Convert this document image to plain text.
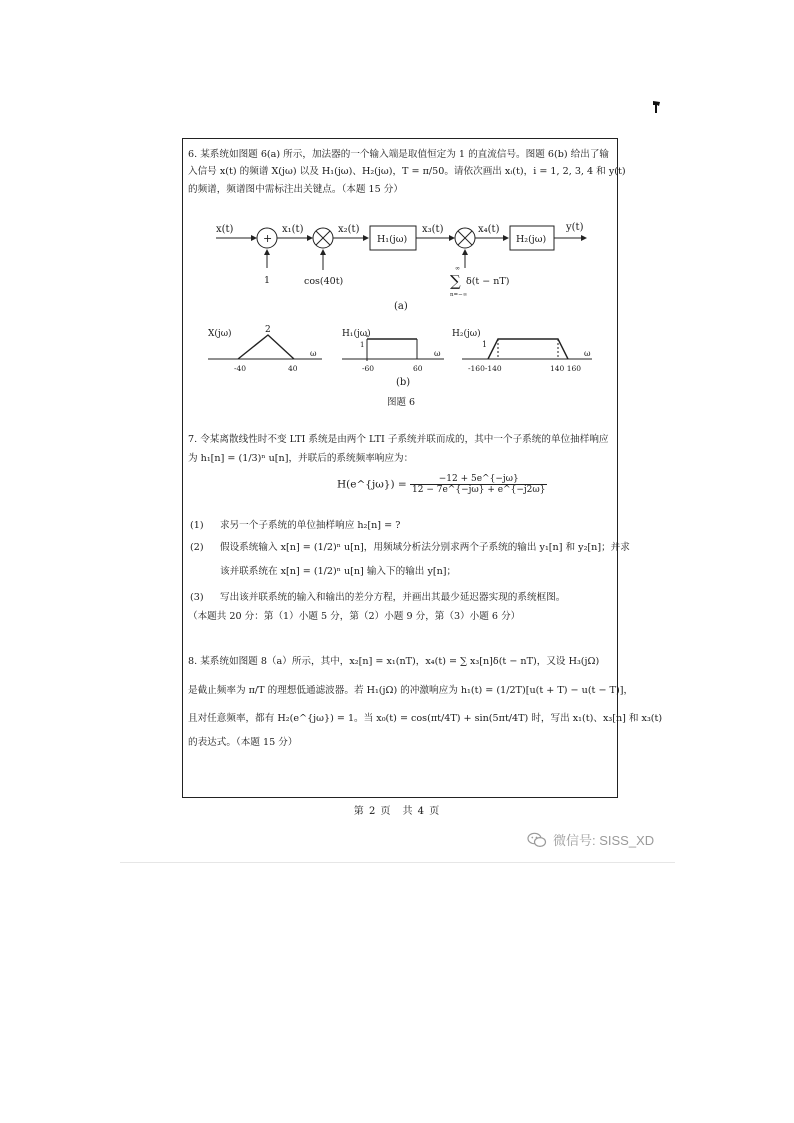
6. 某系统如图题 6(a) 所示，加法器的一个输入端是取值恒定为 1 的直流信号。图题 6(b) 给出了输
入信号 x(t) 的频谱 X(jω) 以及 H₁(jω)、H₂(jω)，T = π/50。请依次画出 xᵢ(t)，i = 1, 2, 3, 4 和 y(t)
的频谱，频谱图中需标注出关键点。（本题 15 分）
x(t)
+
1
x₁(t)
cos(40t)
x₂(t)
H₁(jω)
x₃(t)	x₄(t)
H₂(jω)
y(t)
∞
∑
n=−∞
δ(t − nT)
(a)
X(jω)	2
-40	40
ω
H₁(jω)
1
-60	60
ω
H₂(jω)
1
-160-140	140 160
ω
(b)
图题 6
7. 令某离散线性时不变 LTI 系统是由两个 LTI 子系统并联而成的，其中一个子系统的单位抽样响应
为 h₁[n] = (1/3)ⁿ u[n]，并联后的系统频率响应为：
H(e^{jω}) = $\frac{-12 + 5e\^{}\{-j\omega\}}{12 - 7e\^{}\{-j\omega\} + e\^{}\{-j2\omega\}}$
(1) 求另一个子系统的单位抽样响应 h₂[n] = ?
(2) 假设系统输入 x[n] = (1/2)ⁿ u[n]，用频域分析法分别求两个子系统的输出 y₁[n] 和 y₂[n]；并求
该并联系统在 x[n] = (1/2)ⁿ u[n] 输入下的输出 y[n]；
(3) 写出该并联系统的输入和输出的差分方程，并画出其最少延迟器实现的系统框图。
（本题共 20 分：第（1）小题 5 分，第（2）小题 9 分，第（3）小题 6 分）
8. 某系统如图题 8（a）所示，其中，x₂[n] = x₁(nT)，x₄(t) = ∑ x₃[n]δ(t − nT)，又设 H₃(jΩ)
是截止频率为 π/T 的理想低通滤波器。若 H₁(jΩ) 的冲激响应为 h₁(t) = (1/2T)[u(t + T) − u(t − T)]，
且对任意频率，都有 H₂(e^{jω}) = 1。当 x₀(t) = cos(πt/4T) + sin(5πt/4T) 时，写出 x₁(t)、x₃[n] 和 x₃(t)
的表达式。（本题 15 分）
第 2 页　共 4 页
微信号: SISS_XD
